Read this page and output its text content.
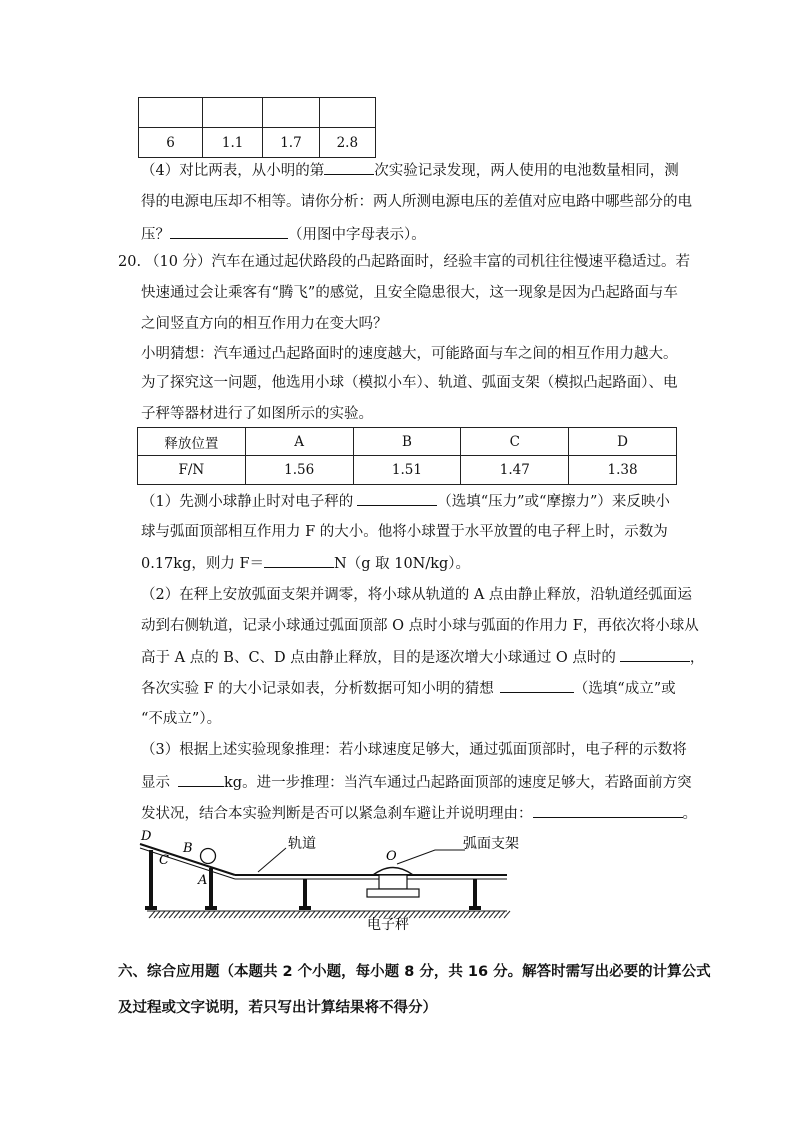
6	1.1	1.7	2.8
（4）对比两表，从小明的第	次实验记录发现，两人使用的电池数量相同，测
得的电源电压却不相等。请你分析：两人所测电源电压的差值对应电路中哪些部分的电
压？	（用图中字母表示）。
20. （10 分）汽车在通过起伏路段的凸起路面时，经验丰富的司机往往慢速平稳适过。若
快速通过会让乘客有“腾飞”的感觉，且安全隐患很大，这一现象是因为凸起路面与车
之间竖直方向的相互作用力在变大吗？
小明猜想：汽车通过凸起路面时的速度越大，可能路面与车之间的相互作用力越大。
为了探究这一问题，他选用小球（模拟小车）、轨道、弧面支架（模拟凸起路面）、电
子秤等器材进行了如图所示的实验。
释放位置	A	B	C	D
F/N	1.56	1.51	1.47	1.38
（1）先测小球静止时对电子秤的	（选填“压力”或“摩擦力”）来反映小
球与弧面顶部相互作用力 F 的大小。他将小球置于水平放置的电子秤上时，示数为
0.17kg，则力 F＝	N（g 取 10N/kg）。
（2）在秤上安放弧面支架并调零，将小球从轨道的 A 点由静止释放，沿轨道经弧面运
动到右侧轨道，记录小球通过弧面顶部 O 点时小球与弧面的作用力 F，再依次将小球从
高于 A 点的 B、C、D 点由静止释放，目的是逐次增大小球通过 O 点时的	，
各次实验 F 的大小记录如表，分析数据可知小明的猜想	（选填“成立”或
“不成立”）。
（3）根据上述实验现象推理：若小球速度足够大，通过弧面顶部时，电子秤的示数将
显示	kg。进一步推理：当汽车通过凸起路面顶部的速度足够大，若路面前方突
发状况，结合本实验判断是否可以紧急刹车避让并说明理由：	。
D
B
C
A
O
轨道	弧面支架
电子秤
六、综合应用题（本题共 2 个小题，每小题 8 分，共 16 分。解答时需写出必要的计算公式
及过程或文字说明，若只写出计算结果将不得分）
